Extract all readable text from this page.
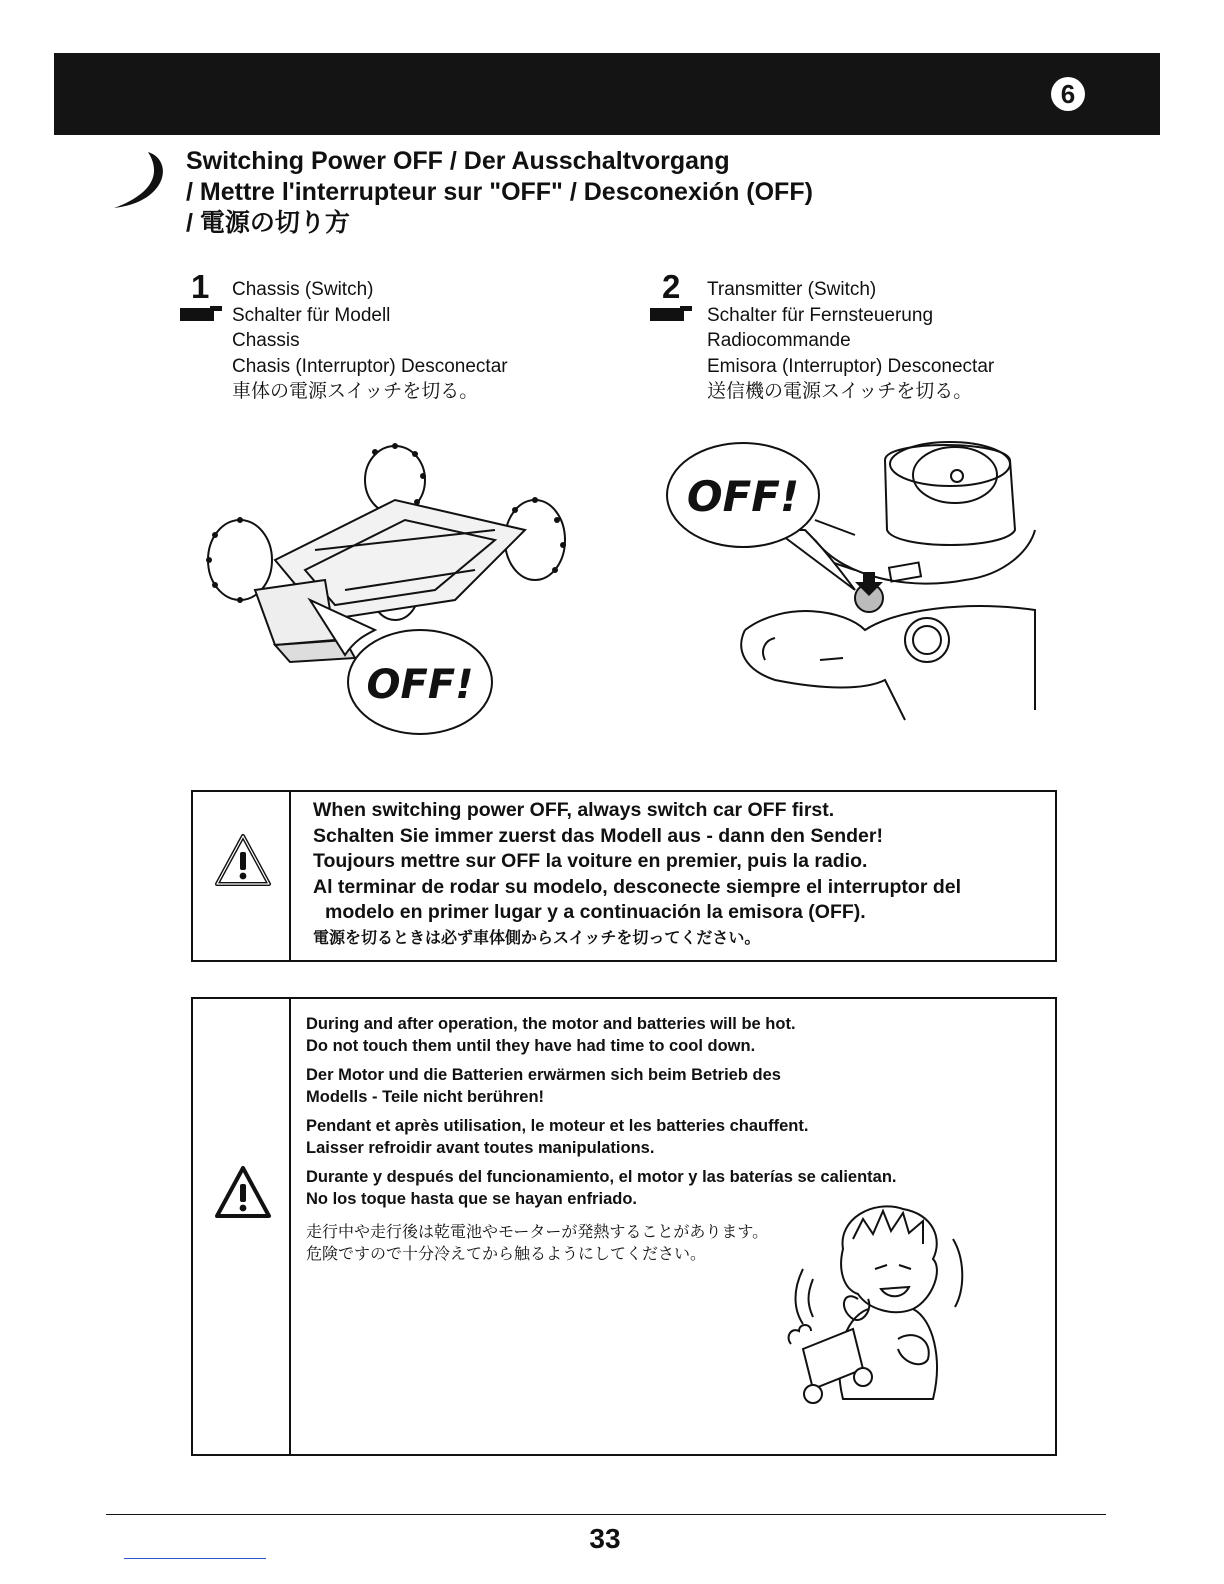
6
Switching Power OFF / Der Ausschaltvorgang
/ Mettre l'interrupteur sur "OFF" / Desconexión (OFF)
/ 電源の切り方
1 Chassis (Switch)
Schalter für Modell
Chassis
Chasis (Interruptor) Desconectar
車体の電源スイッチを切る。
2 Transmitter (Switch)
Schalter für Fernsteuerung
Radiocommande
Emisora (Interruptor) Desconectar
送信機の電源スイッチを切る。
OFF!
OFF!
When switching power OFF, always switch car OFF first.
Schalten Sie immer zuerst das Modell aus - dann den Sender!
Toujours mettre sur OFF la voiture en premier, puis la radio.
Al terminar de rodar su modelo, desconecte siempre el interruptor del
modelo en primer lugar y a continuación la emisora (OFF).
電源を切るときは必ず車体側からスイッチを切ってください。
During and after operation, the motor and batteries will be hot.
Do not touch them until they have had time to cool down.
Der Motor und die Batterien erwärmen sich beim Betrieb des
Modells - Teile nicht berühren!
Pendant et après utilisation, le moteur et les batteries chauffent.
Laisser refroidir avant toutes manipulations.
Durante y después del funcionamiento, el motor y las baterías se calientan.
No los toque hasta que se hayan enfriado.
走行中や走行後は乾電池やモーターが発熱することがあります。
危険ですので十分冷えてから触るようにしてください。
33
